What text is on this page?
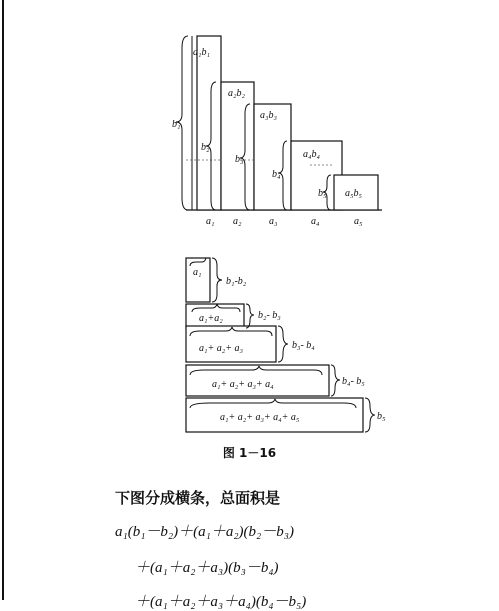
a₁b₁
a₂b₂
a₃b₃
a₄b₄
a₅b₅
b₁
b₂
b₃
b₄
b₅
a₁ a₂	a₃	a₄	a₅
a₁
a₁+a₂
a₁+ a₂+ a₃
a₁+ a₂+ a₃+ a₄
a₁+ a₂+ a₃+ a₄+ a₅
b₁-b₂
b₂- b₃
b₃- b₄
b₄- b₅
b₅
图 1－16
下图分成横条，总面积是
a₁(b₁－b₂)＋(a₁＋a₂)(b₂－b₃)
＋(a₁＋a₂＋a₃)(b₃－b₄)
＋(a₁＋a₂＋a₃＋a₄)(b₄－b₅)
